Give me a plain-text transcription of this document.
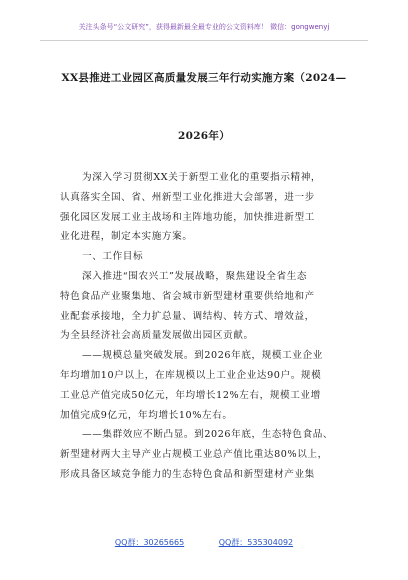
关注头条号“公文研究”，获得最新最全最专业的公文资料库！ 微信：gongwenyj
XX县推进工业园区高质量发展三年行动实施方案（2024—
2026年）
为深入学习贯彻XX关于新型工业化的重要指示精神，
认真落实全国、省、州新型工业化推进大会部署，进一步
强化园区发展工业主战场和主阵地功能，加快推进新型工
业化进程，制定本实施方案。
一、工作目标
深入推进“围农兴工”发展战略，聚焦建设全省生态
特色食品产业聚集地、省会城市新型建材重要供给地和产
业配套承接地，全力扩总量、调结构、转方式、增效益，
为全县经济社会高质量发展做出园区贡献。
——规模总量突破发展。到2026年底，规模工业企业
年均增加10户以上，在库规模以上工业企业达90户。规模
工业总产值完成50亿元，年均增长12%左右，规模工业增
加值完成9亿元，年均增长10%左右。
——集群效应不断凸显。到2026年底，生态特色食品、
新型建材两大主导产业占规模工业总产值比重达80%以上，
形成具备区域竞争能力的生态特色食品和新型建材产业集
QQ群：30265665	QQ群：535304092
